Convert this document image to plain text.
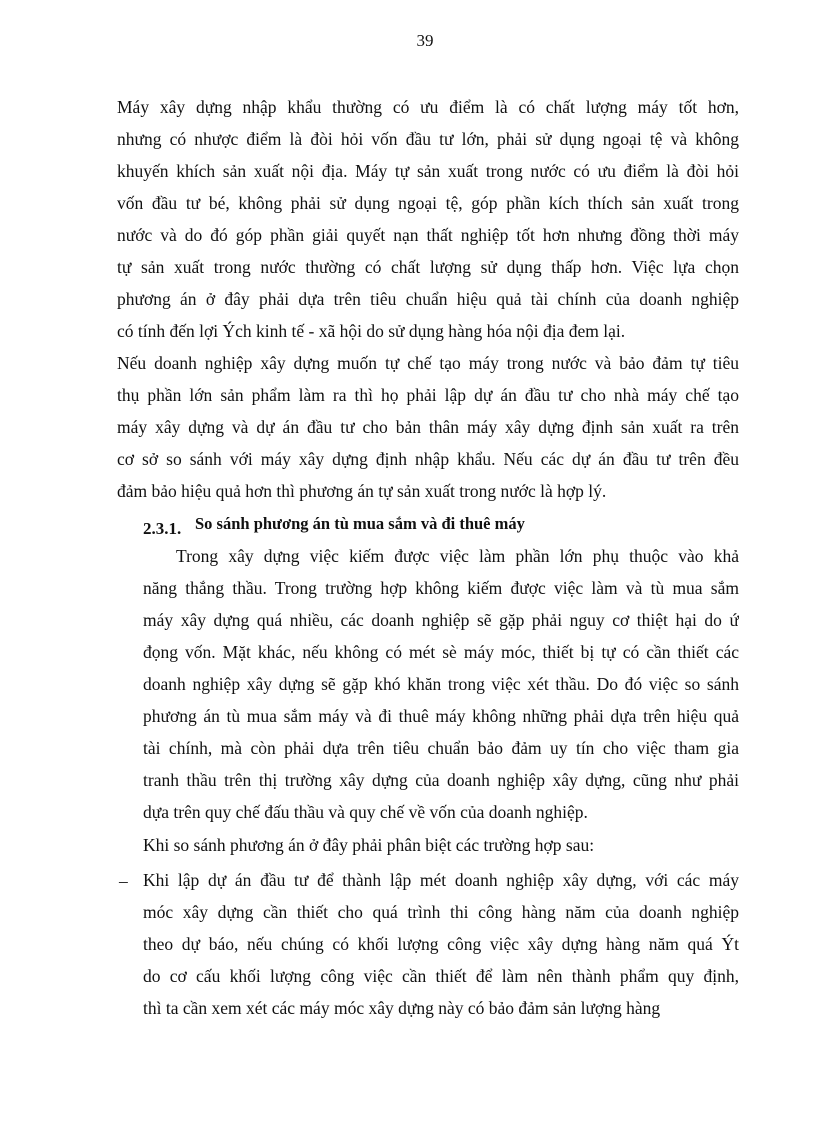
39
Máy xây dựng nhập khẩu thường có ưu điểm là có chất lượng máy tốt hơn,
nhưng có nhược điểm là đòi hỏi vốn đầu tư lớn, phải sử dụng ngoại tệ và không
khuyến khích sản xuất nội địa. Máy tự sản xuất trong nước có ưu điểm là đòi hỏi
vốn đầu tư bé, không phải sử dụng ngoại tệ, góp phần kích thích sản xuất trong
nước và do đó góp phần giải quyết nạn thất nghiệp tốt hơn nhưng đồng thời máy
tự sản xuất trong nước thường có chất lượng sử dụng thấp hơn. Việc lựa chọn
phương án ở đây phải dựa trên tiêu chuẩn hiệu quả tài chính của doanh nghiệp
có tính đến lợi Ých kinh tế - xã hội do sử dụng hàng hóa nội địa đem lại.
Nếu doanh nghiệp xây dựng muốn tự chế tạo máy trong nước và bảo đảm tự tiêu
thụ phần lớn sản phẩm làm ra thì họ phải lập dự án đầu tư cho nhà máy chế tạo
máy xây dựng và dự án đầu tư cho bản thân máy xây dựng định sản xuất ra trên
cơ sở so sánh với máy xây dựng định nhập khẩu. Nếu các dự án đầu tư trên đều
đảm bảo hiệu quả hơn thì phương án tự sản xuất trong nước là hợp lý.
2.3.1. So sánh phương án tù mua sắm và đi thuê máy
Trong xây dựng việc kiếm được việc làm phần lớn phụ thuộc vào khả
năng thắng thầu. Trong trường hợp không kiếm được việc làm và tù mua sắm
máy xây dựng quá nhiều, các doanh nghiệp sẽ gặp phải nguy cơ thiệt hại do ứ
đọng vốn. Mặt khác, nếu không có mét sè máy móc, thiết bị tự có cần thiết các
doanh nghiệp xây dựng sẽ gặp khó khăn trong việc xét thầu. Do đó việc so sánh
phương án tù mua sắm máy và đi thuê máy không những phải dựa trên hiệu quả
tài chính, mà còn phải dựa trên tiêu chuẩn bảo đảm uy tín cho việc tham gia
tranh thầu trên thị trường xây dựng của doanh nghiệp xây dựng, cũng như phải
dựa trên quy chế đấu thầu và quy chế về vốn của doanh nghiệp.
Khi so sánh phương án ở đây phải phân biệt các trường hợp sau:
– Khi lập dự án đầu tư để thành lập mét doanh nghiệp xây dựng, với các máy
móc xây dựng cần thiết cho quá trình thi công hàng năm của doanh nghiệp
theo dự báo, nếu chúng có khối lượng công việc xây dựng hàng năm quá Ýt
do cơ cấu khối lượng công việc cần thiết để làm nên thành phẩm quy định,
thì ta cần xem xét các máy móc xây dựng này có bảo đảm sản lượng hàng
